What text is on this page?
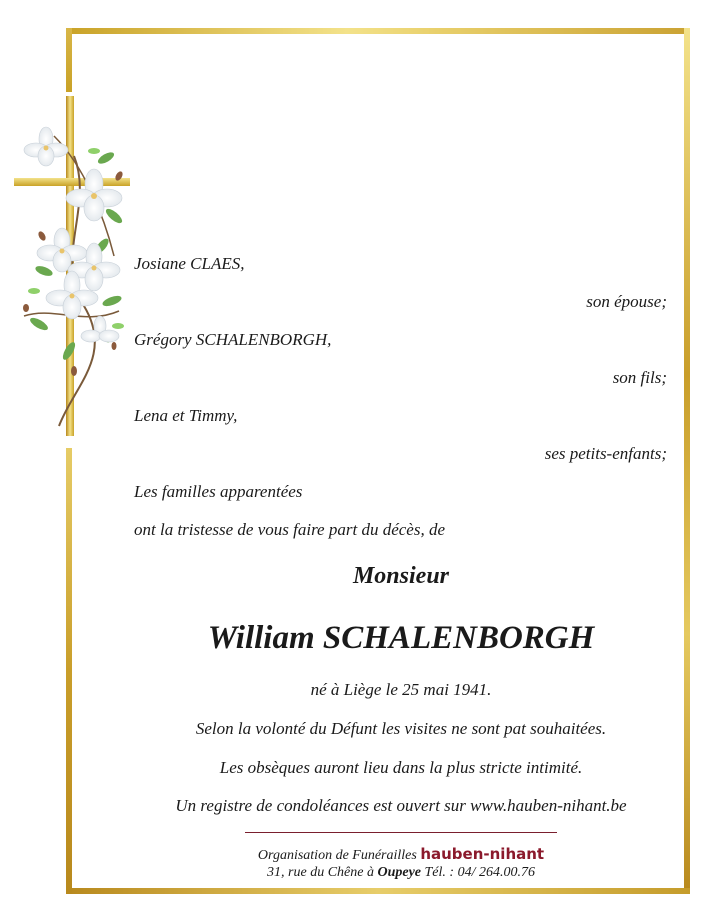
Josiane CLAES,
son épouse;
Grégory SCHALENBORGH,
son fils;
Lena et Timmy,
ses petits-enfants;
Les familles apparentées
ont la tristesse de vous faire part du décès, de
Monsieur
William SCHALENBORGH
né à Liège le 25 mai 1941.
Selon la volonté du Défunt les visites ne sont pat souhaitées.
Les obsèques auront lieu dans la plus stricte intimité.
Un registre de condoléances est ouvert sur www.hauben-nihant.be
Organisation de Funérailles hauben-nihant
31, rue du Chêne à Oupeye Tél. : 04/ 264.00.76
